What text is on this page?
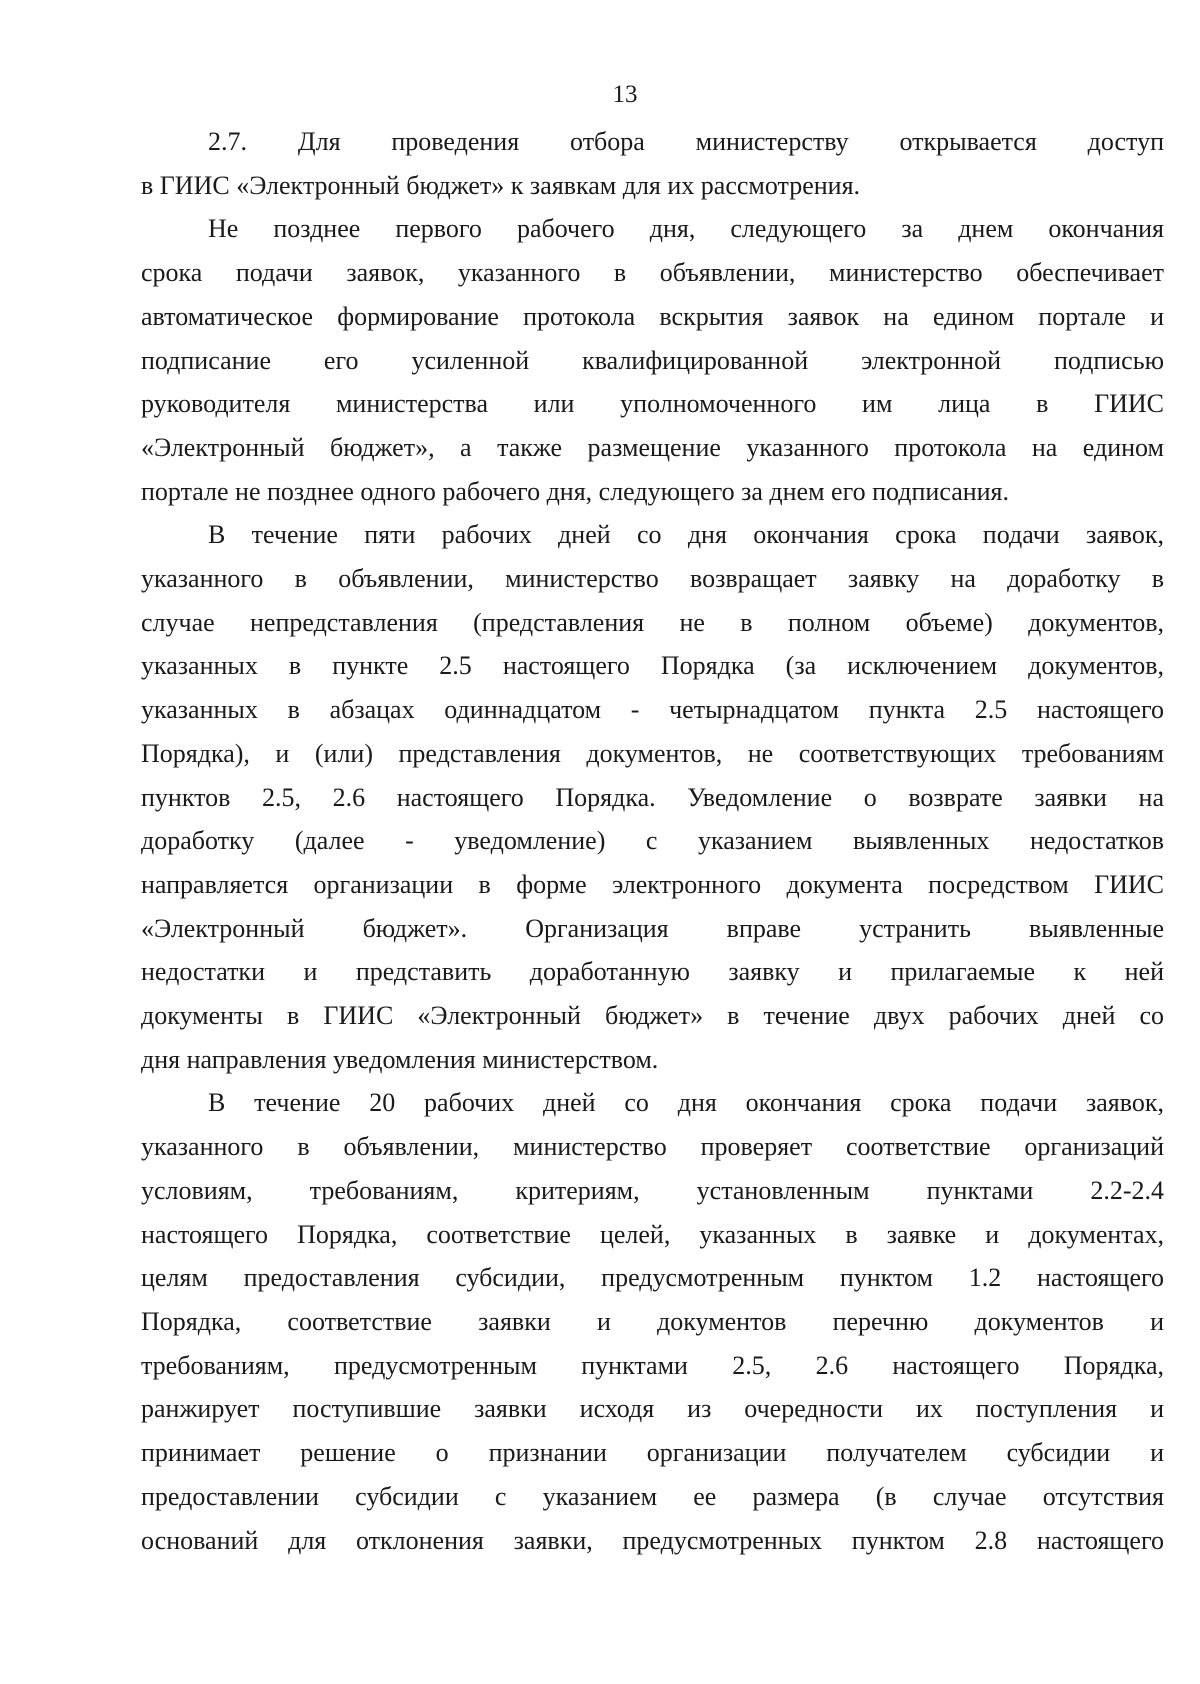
13
2.7. Для проведения отбора министерству открывается доступ
в ГИИС «Электронный бюджет» к заявкам для их рассмотрения.
Не позднее первого рабочего дня, следующего за днем окончания
срока подачи заявок, указанного в объявлении, министерство обеспечивает
автоматическое формирование протокола вскрытия заявок на едином портале и
подписание его усиленной квалифицированной электронной подписью
руководителя министерства или уполномоченного им лица в ГИИС
«Электронный бюджет», а также размещение указанного протокола на едином
портале не позднее одного рабочего дня, следующего за днем его подписания.
В течение пяти рабочих дней со дня окончания срока подачи заявок,
указанного в объявлении, министерство возвращает заявку на доработку в
случае непредставления (представления не в полном объеме) документов,
указанных в пункте 2.5 настоящего Порядка (за исключением документов,
указанных в абзацах одиннадцатом - четырнадцатом пункта 2.5 настоящего
Порядка), и (или) представления документов, не соответствующих требованиям
пунктов 2.5, 2.6 настоящего Порядка. Уведомление о возврате заявки на
доработку (далее - уведомление) с указанием выявленных недостатков
направляется организации в форме электронного документа посредством ГИИС
«Электронный бюджет». Организация вправе устранить выявленные
недостатки и представить доработанную заявку и прилагаемые к ней
документы в ГИИС «Электронный бюджет» в течение двух рабочих дней со
дня направления уведомления министерством.
В течение 20 рабочих дней со дня окончания срока подачи заявок,
указанного в объявлении, министерство проверяет соответствие организаций
условиям, требованиям, критериям, установленным пунктами 2.2-2.4
настоящего Порядка, соответствие целей, указанных в заявке и документах,
целям предоставления субсидии, предусмотренным пунктом 1.2 настоящего
Порядка, соответствие заявки и документов перечню документов и
требованиям, предусмотренным пунктами 2.5, 2.6 настоящего Порядка,
ранжирует поступившие заявки исходя из очередности их поступления и
принимает решение о признании организации получателем субсидии и
предоставлении субсидии с указанием ее размера (в случае отсутствия
оснований для отклонения заявки, предусмотренных пунктом 2.8 настоящего
